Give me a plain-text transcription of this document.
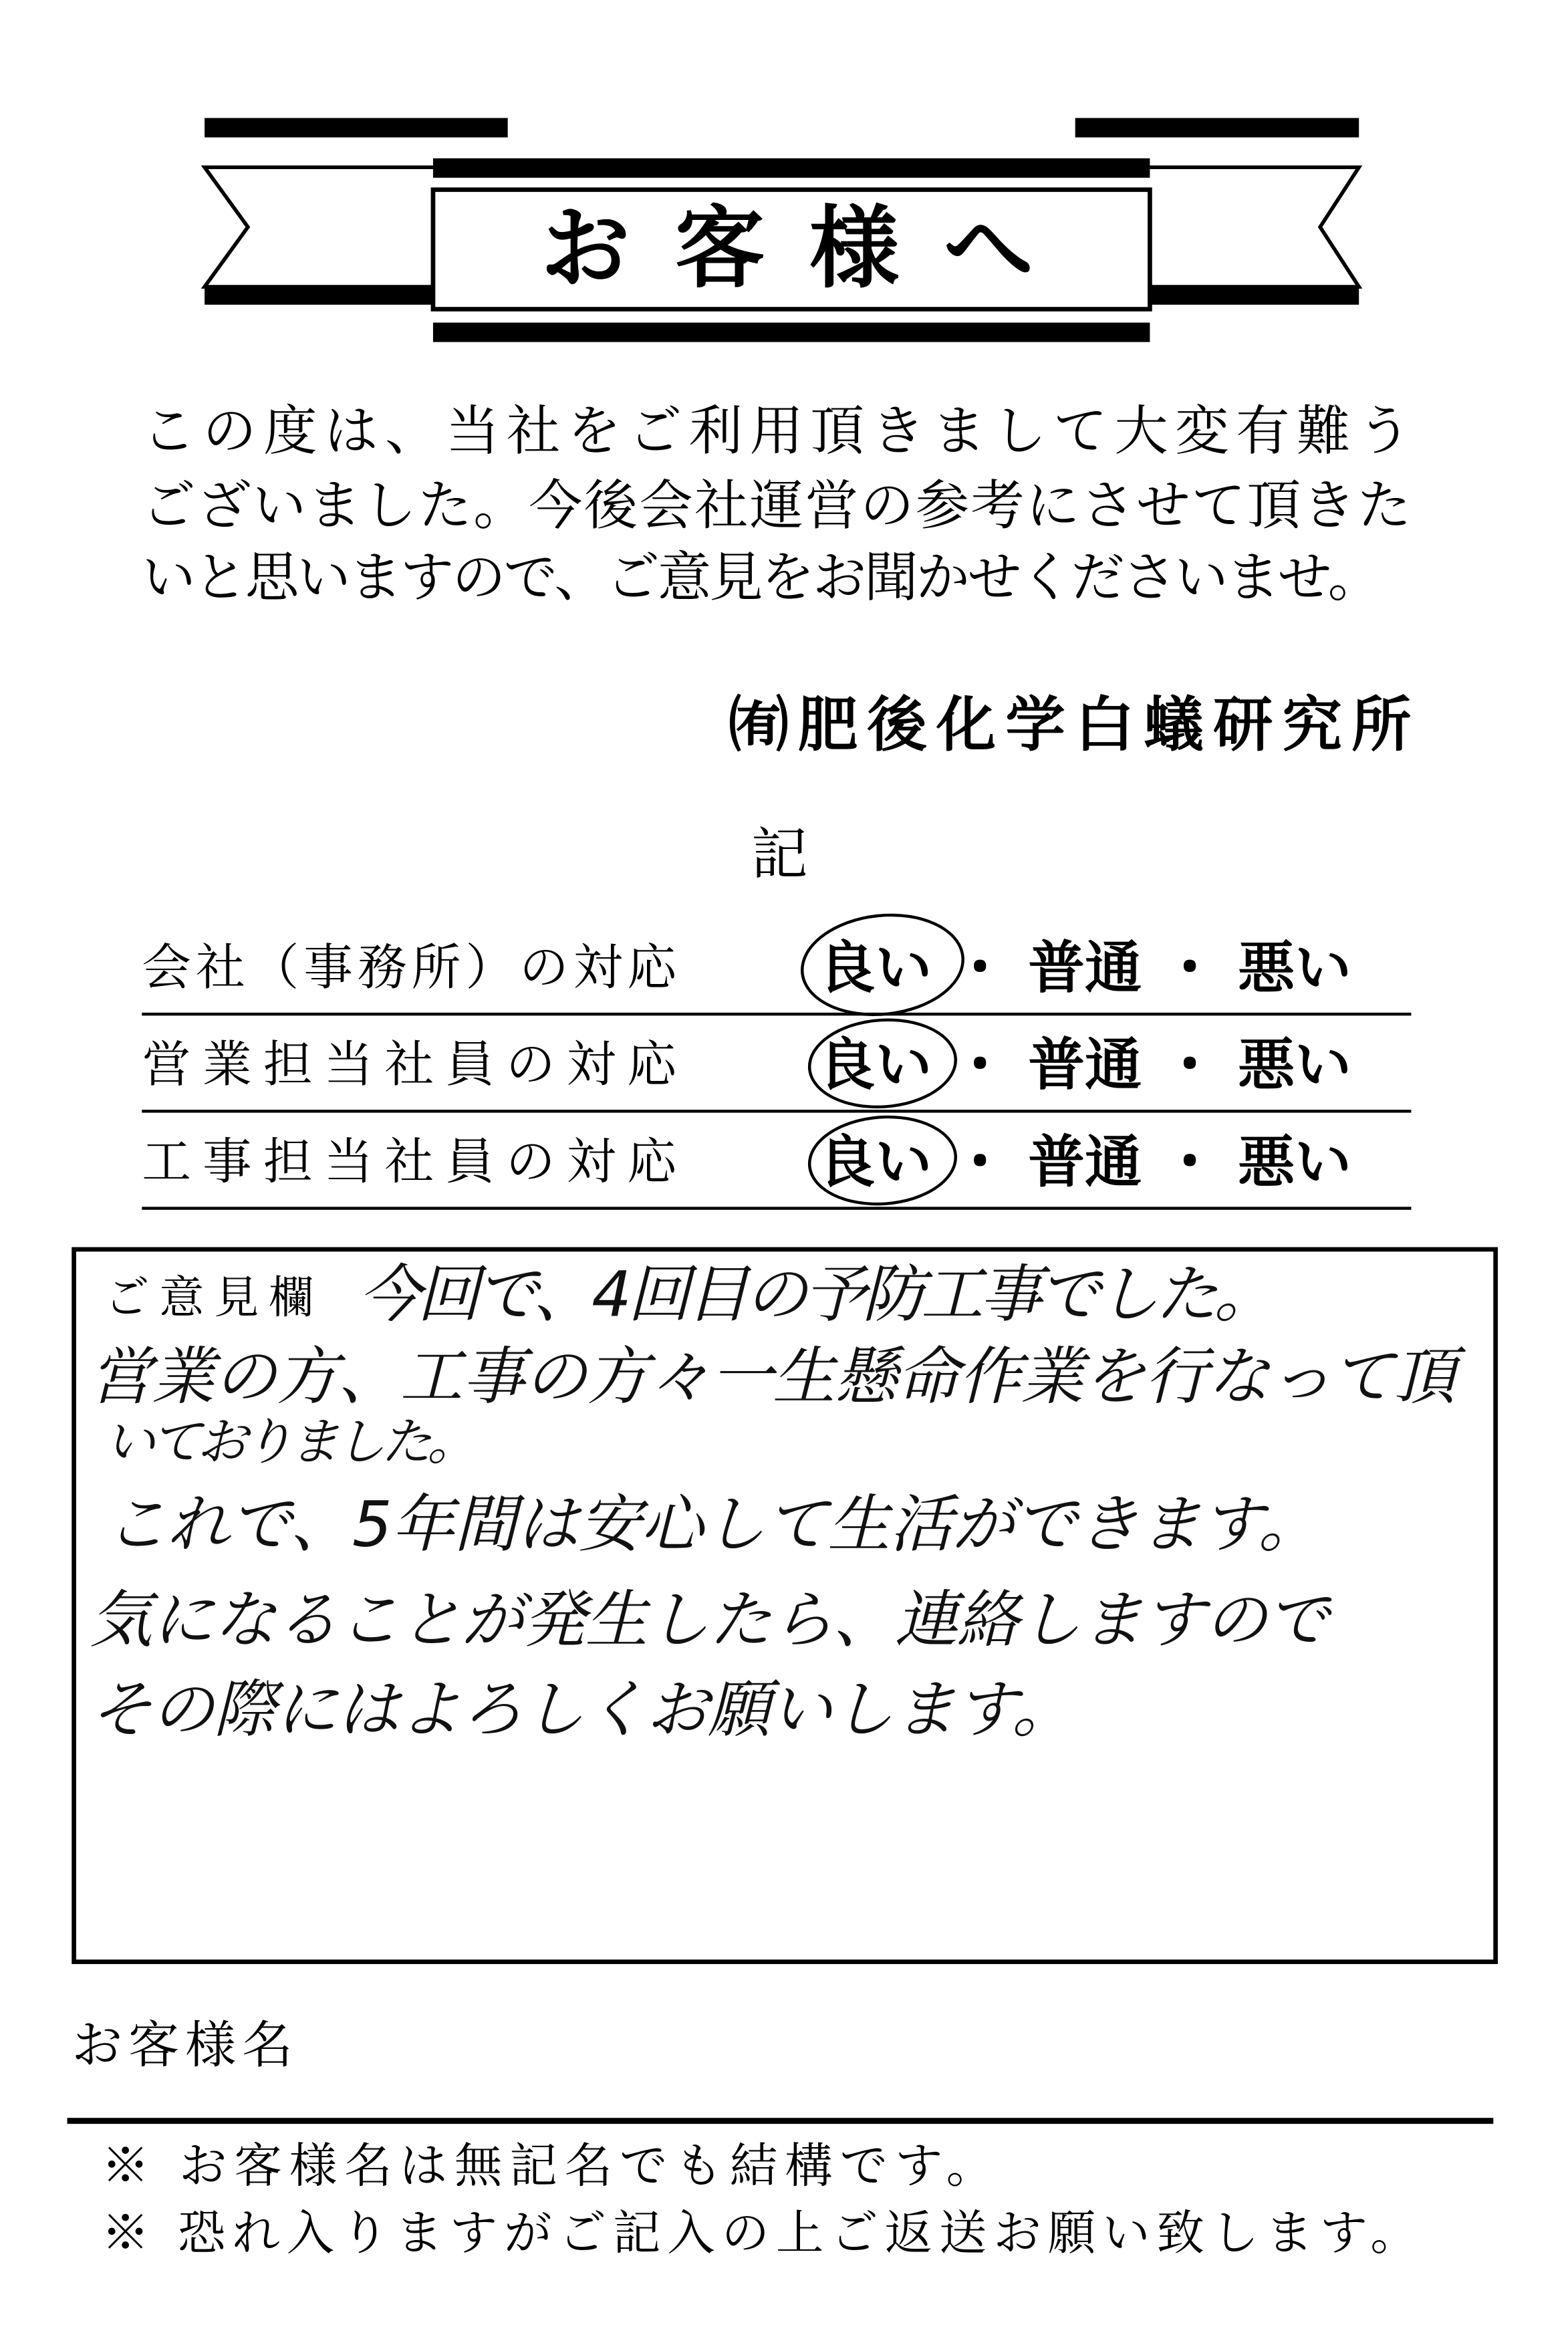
お客様へ
この度は、当社をご利用頂きまして大変有難う
ございました。今後会社運営の参考にさせて頂きた
いと思いますので、ご意見をお聞かせくださいませ。
㈲肥後化学白蟻研究所
記
会社（事務所）の対応	良い ・ 普通 ・ 悪い
営業担当社員の対応	良い ・ 普通 ・ 悪い
工事担当社員の対応	良い ・ 普通 ・ 悪い
ご意見欄 今回で、4回目の予防工事でした。
営業の方、工事の方々一生懸命作業を行なって頂
いておりました。
これで、5年間は安心して生活ができます。
気になることが発生したら、連絡しますので
その際にはよろしくお願いします。
お客様名
※ お客様名は無記名でも結構です。
※ 恐れ入りますがご記入の上ご返送お願い致します。
